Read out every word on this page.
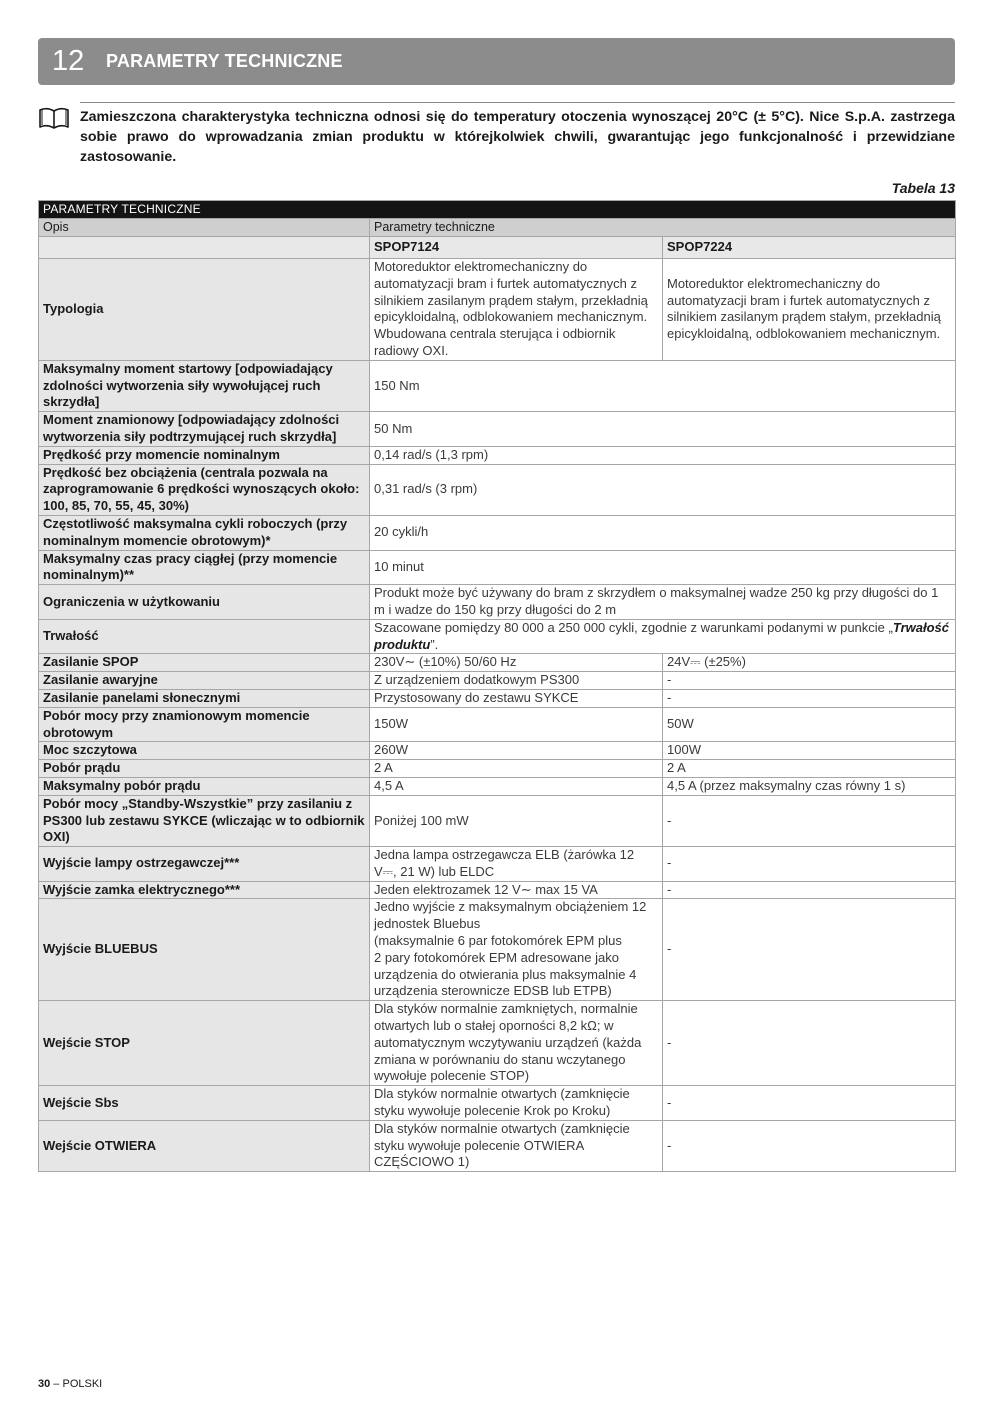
12	PARAMETRY TECHNICZNE
Zamieszczona charakterystyka techniczna odnosi się do temperatury otoczenia wynoszącej 20°C (± 5°C). Nice S.p.A. zastrzega sobie prawo do wprowadzania zmian produktu w którejkolwiek chwili, gwarantując jego funkcjonalność i przewidziane zastosowanie.
Tabela 13
PARAMETRY TECHNICZNE		
Opis	Parametry techniczne	
	SPOP7124	SPOP7224
Typologia	Motoreduktor elektromechaniczny do automatyzacji bram i furtek automatycznych z silnikiem zasilanym prądem stałym, przekładnią epicykloidalną, odblokowaniem mechanicznym. Wbudowana centrala sterująca i odbiornik radiowy OXI.	Motoreduktor elektromechaniczny do automatyzacji bram i furtek automatycznych z silnikiem zasilanym prądem stałym, przekładnią epicykloidalną, odblokowaniem mechanicznym.
Maksymalny moment startowy [odpowiadający zdolności wytworzenia siły wywołującej ruch skrzydła]	150 Nm	
Moment znamionowy [odpowiadający zdolności wytworzenia siły podtrzymującej ruch skrzydła]	50 Nm	
Prędkość przy momencie nominalnym	0,14 rad/s (1,3 rpm)	
Prędkość bez obciążenia (centrala pozwala na zaprogramowanie 6 prędkości wynoszących około: 100, 85, 70, 55, 45, 30%)	0,31 rad/s (3 rpm)	
Częstotliwość maksymalna cykli roboczych (przy nominalnym momencie obrotowym)*	20 cykli/h	
Maksymalny czas pracy ciągłej (przy momencie nominalnym)**	10 minut	
Ograniczenia w użytkowaniu	Produkt może być używany do bram z skrzydłem o maksymalnej wadze 250 kg przy długości do 1 m i wadze do 150 kg przy długości do 2 m	
Trwałość	Szacowane pomiędzy 80 000 a 250 000 cykli, zgodnie z warunkami podanymi w punkcie „Trwałość produktu”.	
Zasilanie SPOP	230V∼ (±10%) 50/60 Hz	24V⎓ (±25%)
Zasilanie awaryjne	Z urządzeniem dodatkowym PS300	-
Zasilanie panelami słonecznymi	Przystosowany do zestawu SYKCE	-
Pobór mocy przy znamionowym momencie obrotowym	150W	50W
Moc szczytowa	260W	100W
Pobór prądu	2 A	2 A
Maksymalny pobór prądu	4,5 A	4,5 A (przez maksymalny czas równy 1 s)
Pobór mocy „Standby-Wszystkie” przy zasilaniu z PS300 lub zestawu SYKCE (wliczając w to odbiornik OXI)	Poniżej 100 mW	-
Wyjście lampy ostrzegawczej***	Jedna lampa ostrzegawcza ELB (żarówka 12 V⎓, 21 W) lub ELDC	-
Wyjście zamka elektrycznego***	Jeden elektrozamek 12 V∼ max 15 VA	-
Wyjście BLUEBUS	Jedno wyjście z maksymalnym obciążeniem 12 jednostek Bluebus
(maksymalnie 6 par fotokomórek EPM plus
2 pary fotokomórek EPM adresowane jako urządzenia do otwierania plus maksymalnie 4 urządzenia sterownicze EDSB lub ETPB)	-
Wejście STOP	Dla styków normalnie zamkniętych, normalnie otwartych lub o stałej oporności 8,2 kΩ; w automatycznym wczytywaniu urządzeń (każda zmiana w porównaniu do stanu wczytanego wywołuje polecenie STOP)	-
Wejście Sbs	Dla styków normalnie otwartych (zamknięcie styku wywołuje polecenie Krok po Kroku)	-
Wejście OTWIERA	Dla styków normalnie otwartych (zamknięcie styku wywołuje polecenie OTWIERA CZĘŚCIOWO 1)	-
30 – POLSKI
